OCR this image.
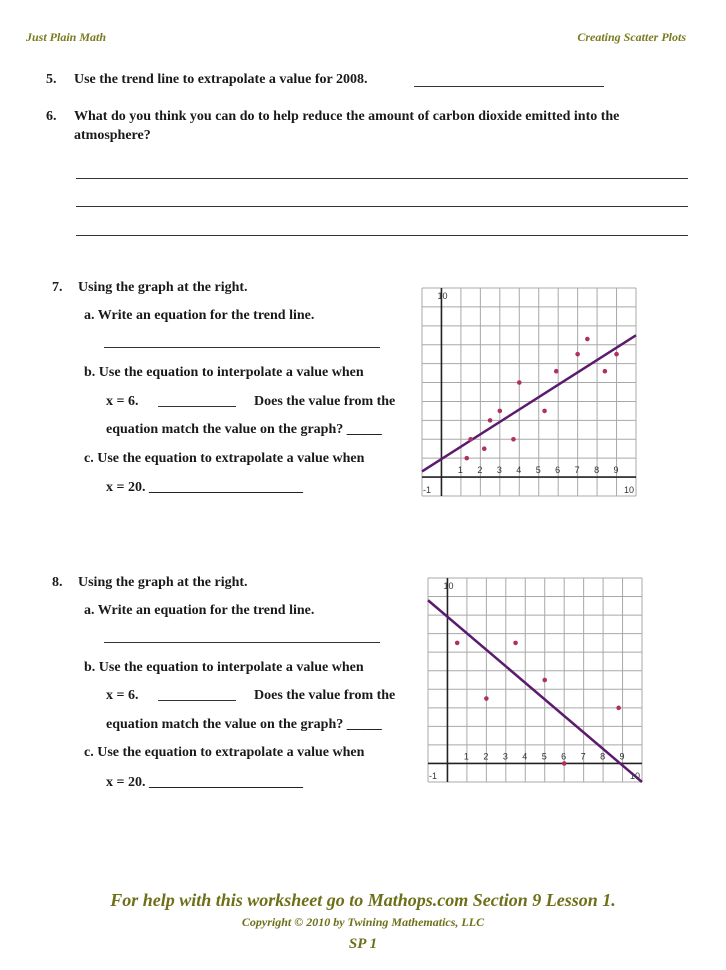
Just Plain Math	Creating Scatter Plots
5. Use the trend line to extrapolate a value for 2008.
6. What do you think you can do to help reduce the amount of carbon dioxide emitted into the
atmosphere?
7. Using the graph at the right.
a. Write an equation for the trend line.
b. Use the equation to interpolate a value when
x = 6.	Does the value from the
equation match the value on the graph? _____
c. Use the equation to extrapolate a value when
x = 20. ______________________
1 2 3 4 5 6 7 8 9
10
10
-1
8. Using the graph at the right.
a. Write an equation for the trend line.
b. Use the equation to interpolate a value when
x = 6.	Does the value from the
equation match the value on the graph? _____
c. Use the equation to extrapolate a value when
x = 20. ______________________
1 2 3 4 5 6 7 8 9
10
10
-1
For help with this worksheet go to Mathops.com Section 9 Lesson 1.
Copyright © 2010 by Twining Mathematics, LLC
SP 1
